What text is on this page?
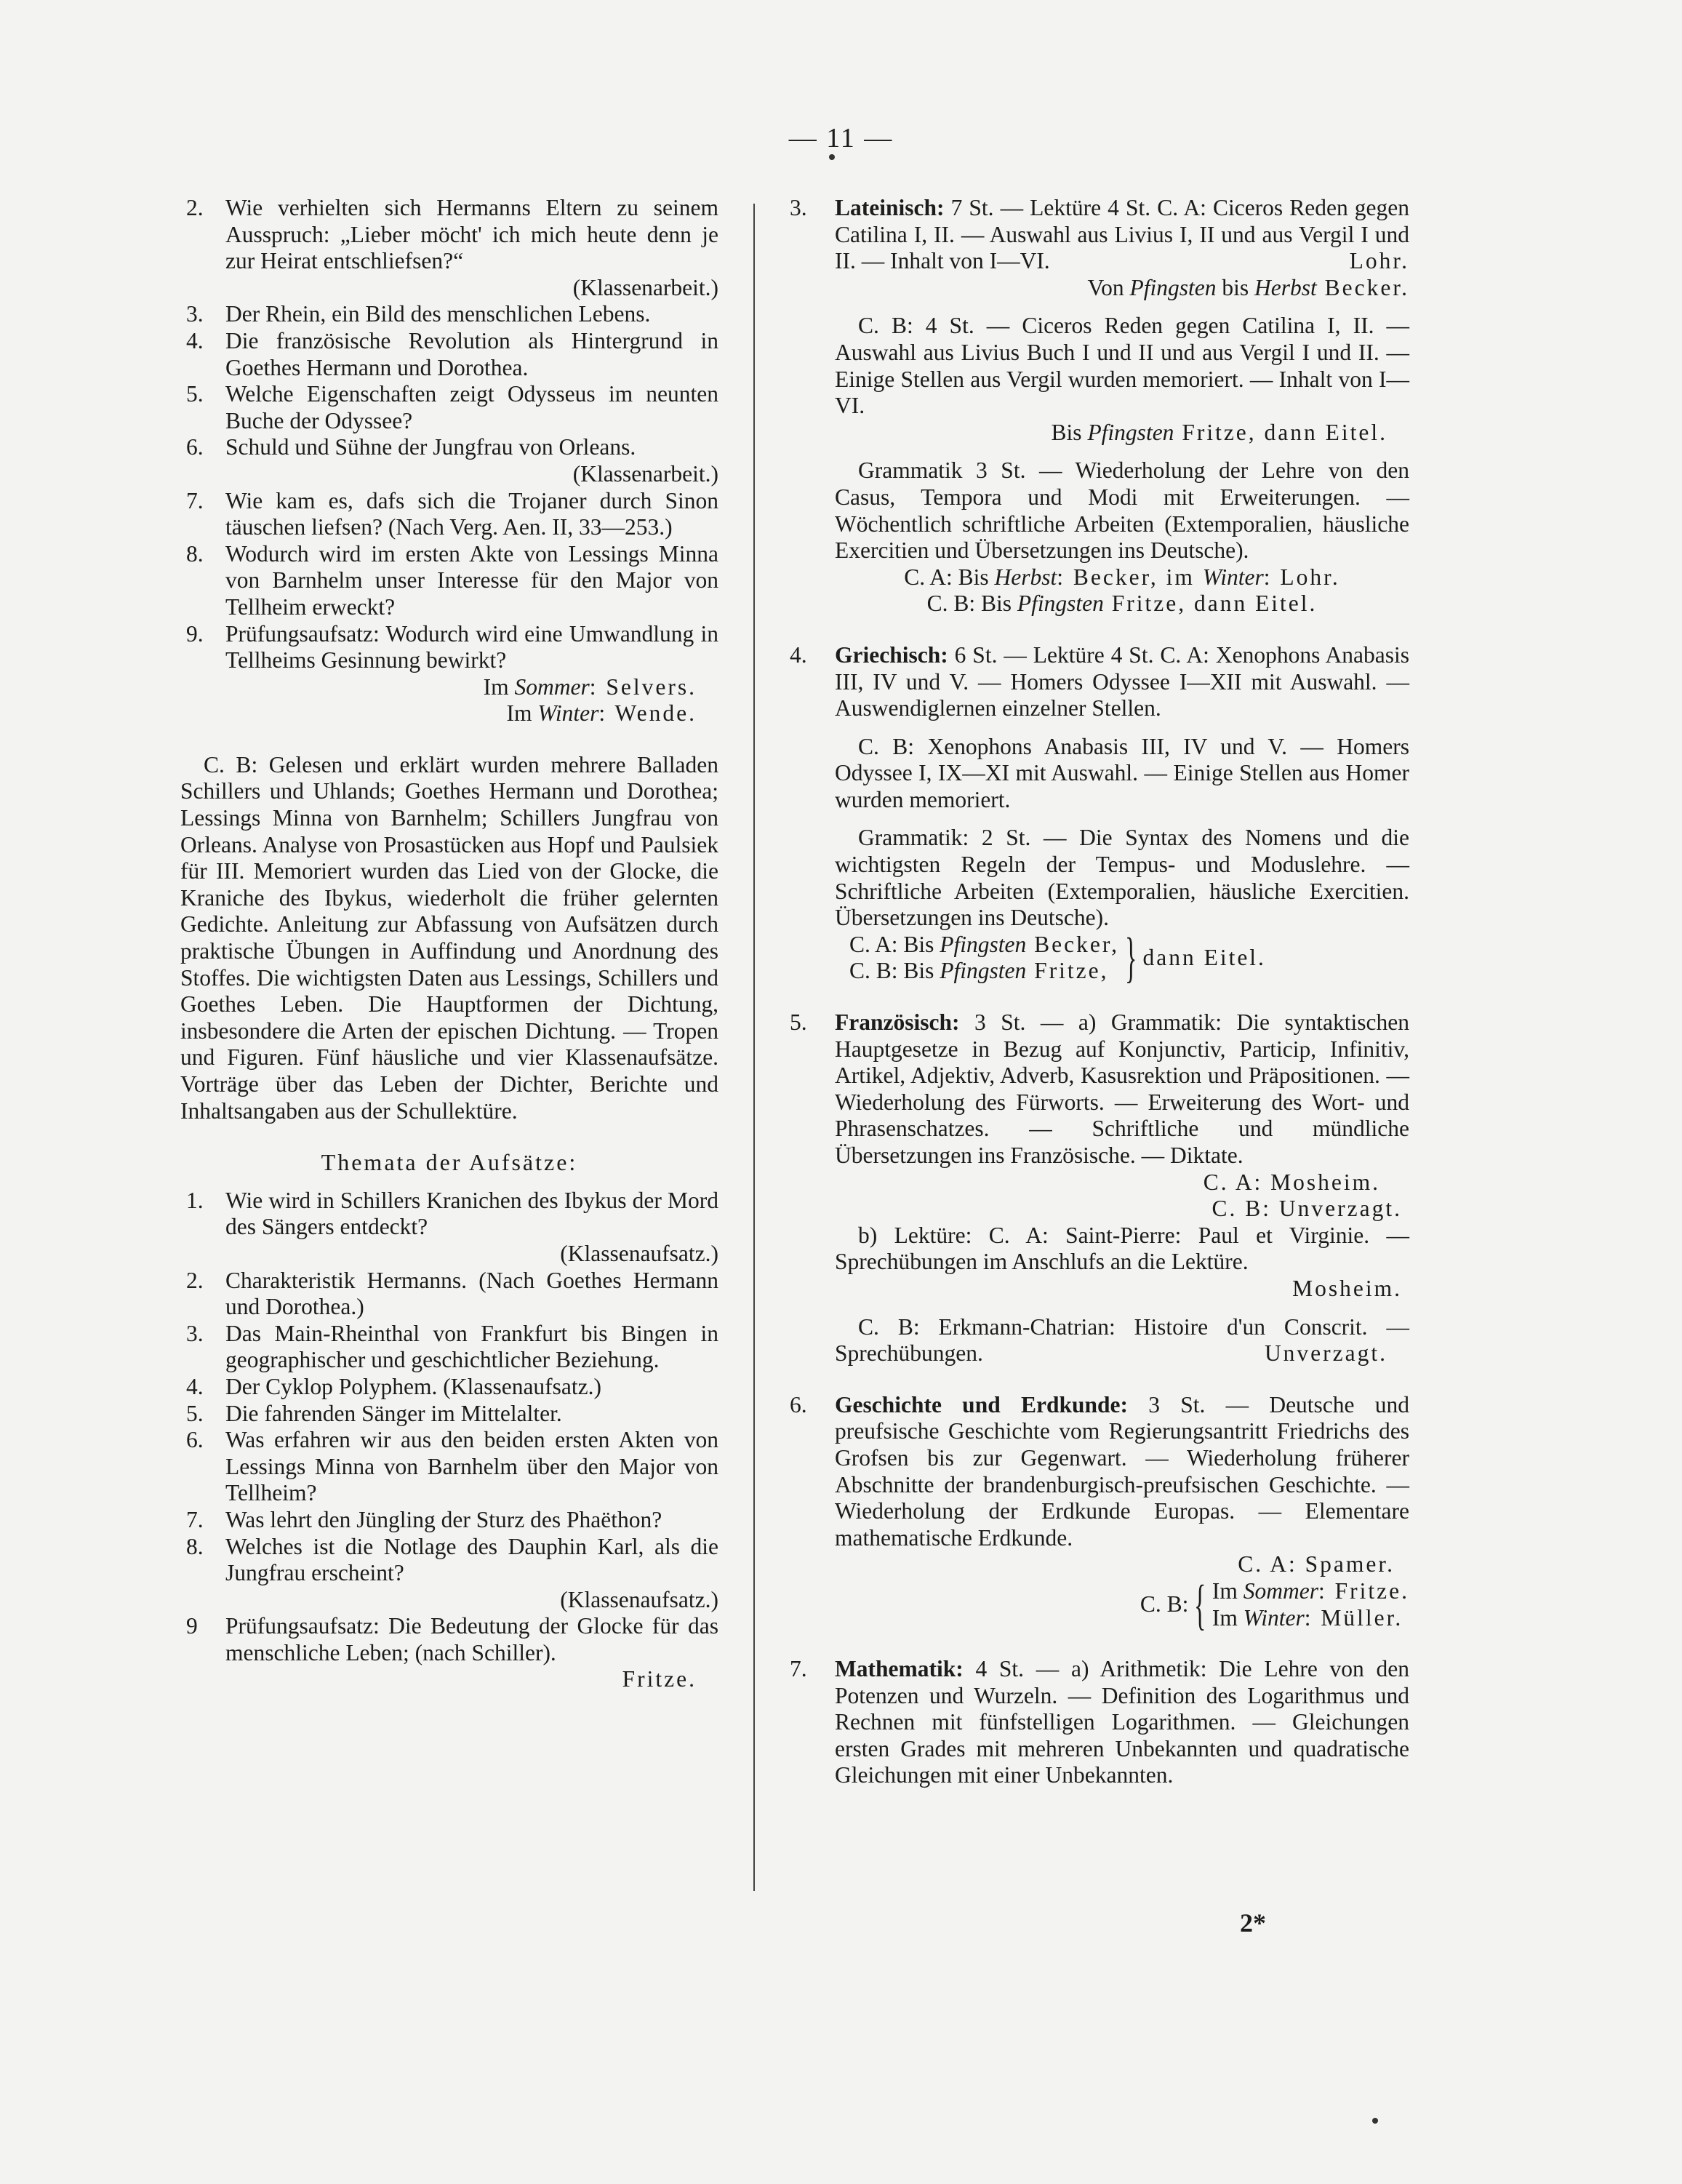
— 11 —
2. Wie verhielten sich Hermanns Eltern zu seinem Ausspruch: „Lieber möcht' ich mich heute denn je zur Heirat entschliefsen?“
(Klassenarbeit.)
3. Der Rhein, ein Bild des menschlichen Lebens.
4. Die französische Revolution als Hintergrund in Goethes Hermann und Dorothea.
5. Welche Eigenschaften zeigt Odysseus im neunten Buche der Odyssee?
6. Schuld und Sühne der Jungfrau von Orleans.
(Klassenarbeit.)
7. Wie kam es, dafs sich die Trojaner durch Sinon täuschen liefsen? (Nach Verg. Aen. II, 33—253.)
8. Wodurch wird im ersten Akte von Lessings Minna von Barnhelm unser Interesse für den Major von Tellheim erweckt?
9. Prüfungsaufsatz: Wodurch wird eine Umwandlung in Tellheims Gesinnung bewirkt?
Im Sommer: Selvers.
Im Winter: Wende.
C. B: Gelesen und erklärt wurden mehrere Balladen Schillers und Uhlands; Goethes Hermann und Dorothea; Lessings Minna von Barnhelm; Schillers Jungfrau von Orleans. Analyse von Prosastücken aus Hopf und Paulsiek für III. Memoriert wurden das Lied von der Glocke, die Kraniche des Ibykus, wiederholt die früher gelernten Gedichte. Anleitung zur Abfassung von Aufsätzen durch praktische Übungen in Auffindung und Anordnung des Stoffes. Die wichtigsten Daten aus Lessings, Schillers und Goethes Leben. Die Hauptformen der Dichtung, insbesondere die Arten der epischen Dichtung. — Tropen und Figuren. Fünf häusliche und vier Klassenaufsätze. Vorträge über das Leben der Dichter, Berichte und Inhaltsangaben aus der Schullektüre.
Themata der Aufsätze:
1. Wie wird in Schillers Kranichen des Ibykus der Mord des Sängers entdeckt?
(Klassenaufsatz.)
2. Charakteristik Hermanns. (Nach Goethes Hermann und Dorothea.)
3. Das Main-Rheinthal von Frankfurt bis Bingen in geographischer und geschichtlicher Beziehung.
4. Der Cyklop Polyphem. (Klassenaufsatz.)
5. Die fahrenden Sänger im Mittelalter.
6. Was erfahren wir aus den beiden ersten Akten von Lessings Minna von Barnhelm über den Major von Tellheim?
7. Was lehrt den Jüngling der Sturz des Phaëthon?
8. Welches ist die Notlage des Dauphin Karl, als die Jungfrau erscheint?
(Klassenaufsatz.)
9 Prüfungsaufsatz: Die Bedeutung der Glocke für das menschliche Leben; (nach Schiller).
Fritze.
3. Lateinisch: 7 St. — Lektüre 4 St. C. A: Ciceros Reden gegen Catilina I, II. — Auswahl aus Livius I, II und aus Vergil I und II. — Inhalt von I—VI.	Lohr.
Von Pfingsten bis Herbst Becker.
C. B: 4 St. — Ciceros Reden gegen Catilina I, II. — Auswahl aus Livius Buch I und II und aus Vergil I und II. — Einige Stellen aus Vergil wurden memoriert. — Inhalt von I—VI.
Bis Pfingsten Fritze, dann Eitel.
Grammatik 3 St. — Wiederholung der Lehre von den Casus, Tempora und Modi mit Erweiterungen. — Wöchentlich schriftliche Arbeiten (Extemporalien, häusliche Exercitien und Übersetzungen ins Deutsche).
C. A: Bis Herbst: Becker, im Winter: Lohr.
C. B: Bis Pfingsten Fritze, dann Eitel.
4. Griechisch: 6 St. — Lektüre 4 St. C. A: Xenophons Anabasis III, IV und V. — Homers Odyssee I—XII mit Auswahl. — Auswendiglernen einzelner Stellen.
C. B: Xenophons Anabasis III, IV und V. — Homers Odyssee I, IX—XI mit Auswahl. — Einige Stellen aus Homer wurden memoriert.
Grammatik: 2 St. — Die Syntax des Nomens und die wichtigsten Regeln der Tempus- und Moduslehre. — Schriftliche Arbeiten (Extemporalien, häusliche Exercitien. Übersetzungen ins Deutsche).
C. A: Bis Pfingsten Becker,
C. B: Bis Pfingsten Fritze, } dann Eitel.
5. Französisch: 3 St. — a) Grammatik: Die syntaktischen Hauptgesetze in Bezug auf Konjunctiv, Particip, Infinitiv, Artikel, Adjektiv, Adverb, Kasusrektion und Präpositionen. — Wiederholung des Fürworts. — Erweiterung des Wort- und Phrasenschatzes. — Schriftliche und mündliche Übersetzungen ins Französische. — Diktate.
C. A: Mosheim.
C. B: Unverzagt.
b) Lektüre: C. A: Saint-Pierre: Paul et Virginie. — Sprechübungen im Anschlufs an die Lektüre.
Mosheim.
C. B: Erkmann-Chatrian: Histoire d'un Conscrit. — Sprechübungen.	Unverzagt.
6. Geschichte und Erdkunde: 3 St. — Deutsche und preufsische Geschichte vom Regierungsantritt Friedrichs des Grofsen bis zur Gegenwart. — Wiederholung früherer Abschnitte der brandenburgisch-preufsischen Geschichte. — Wiederholung der Erdkunde Europas. — Elementare mathematische Erdkunde.
C. A: Spamer.
C. B: { Im Sommer: Fritze.
Im Winter: Müller.
7. Mathematik: 4 St. — a) Arithmetik: Die Lehre von den Potenzen und Wurzeln. — Definition des Logarithmus und Rechnen mit fünfstelligen Logarithmen. — Gleichungen ersten Grades mit mehreren Unbekannten und quadratische Gleichungen mit einer Unbekannten.
2*
